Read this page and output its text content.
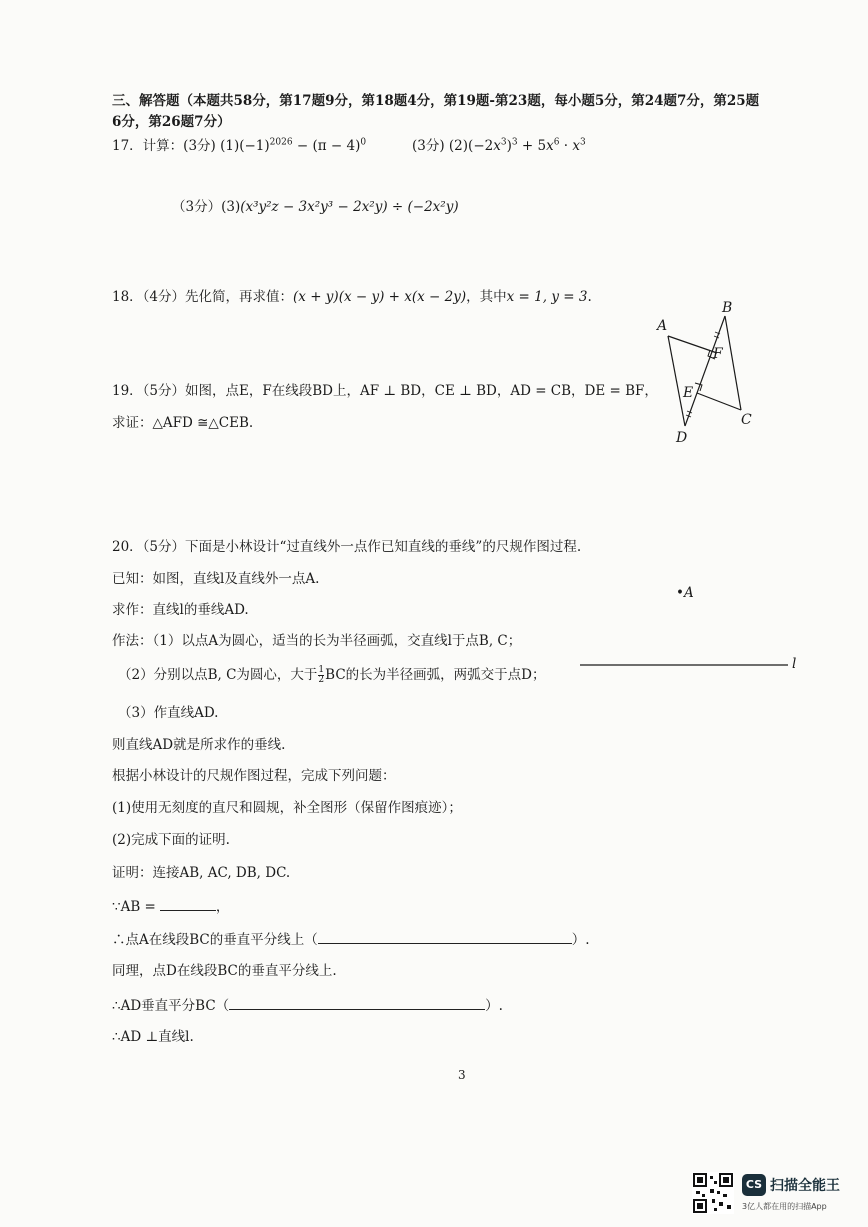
三、解答题（本题共58分，第17题9分，第18题4分，第19题-第23题，每小题5分，第24题7分，第25题
6分，第26题7分）
17．计算：(3分) $(1)(-1)^{2026} - (\pi - 4)^0$	(3分) $(2)(-2x^3)^3 + 5x^6 \cdot x^3$
（3分）(3)(x³y²z − 3x²y³ − 2x²y) ÷ (−2x²y)
18．（4分）先化简，再求值：(x + y)(x − y) + x(x − 2y)，其中x = 1, y = 3.
19．（5分）如图，点E，F在线段BD上，AF ⊥ BD，CE ⊥ BD，AD = CB，DE = BF，
求证：△AFD ≅△CEB.
A
B
F
E
C
D
20．（5分）下面是小林设计“过直线外一点作已知直线的垂线”的尺规作图过程.
已知：如图，直线l及直线外一点A.
求作：直线l的垂线AD.
作法：（1）以点A为圆心，适当的长为半径画弧，交直线l于点B, C；
（2）分别以点B, C为圆心，大于 $\frac{1}{2}$ BC的长为半径画弧，两弧交于点D；
（3）作直线AD.
则直线AD就是所求作的垂线.
根据小林设计的尺规作图过程，完成下列问题：
(1)使用无刻度的直尺和圆规，补全图形（保留作图痕迹）；
(2)完成下面的证明.
证明：连接AB, AC, DB, DC.
∵AB =	，
∴点A在线段BC的垂直平分线上（	）.
同理，点D在线段BC的垂直平分线上.
∴AD垂直平分BC（	）.
∴AD ⊥直线l.
•A
l
3
CS 扫描全能王
3亿人都在用的扫描App
